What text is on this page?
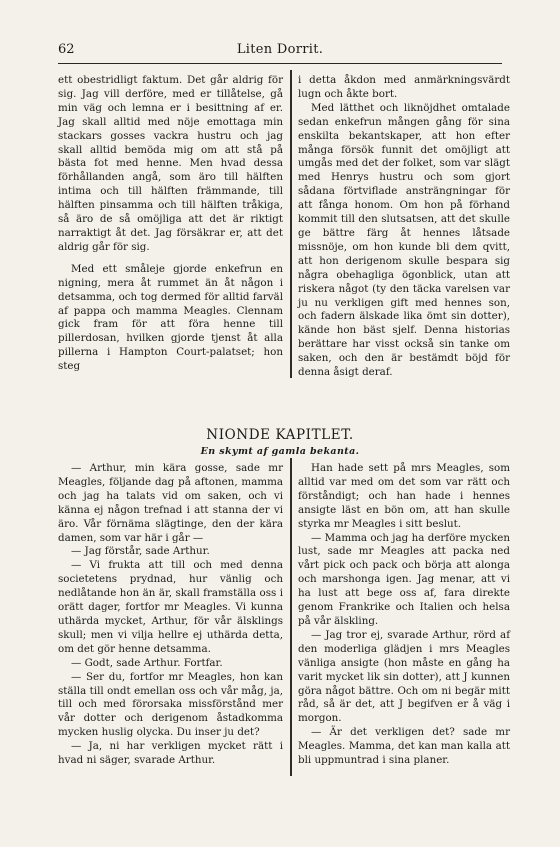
62	Liten Dorrit.

ett obestridligt faktum. Det går aldrig för sig. Jag vill derföre, med er tillåtelse, gå min väg och lemna er i besittning af er. Jag skall alltid med nöje emottaga min stackars gosses vackra hustru och jag skall alltid bemöda mig om att stå på bästa fot med henne. Men hvad dessa förhållanden angå, som äro till hälften intima och till hälften främmande, till hälften pinsamma och till hälften tråkiga, så äro de så omöjliga att det är riktigt narraktigt åt det. Jag försäkrar er, att det aldrig går för sig.

Med ett småleje gjorde enkefrun en nigning, mera åt rummet än åt någon i detsamma, och tog dermed för alltid farväl af pappa och mamma Meagles. Clennam gick fram för att föra henne till pillerdosan, hvilken gjorde tjenst åt alla pillerna i Hampton Court-palatset; hon steg

i detta åkdon med anmärkningsvärdt lugn och åkte bort.

Med lätthet och liknöjdhet omtalade sedan enkefrun mången gång för sina enskilta bekantskaper, att hon efter många försök funnit det omöjligt att umgås med det der folket, som var slägt med Henrys hustru och som gjort sådana förtviflade ansträngningar för att fånga honom. Om hon på förhand kommit till den slutsatsen, att det skulle ge bättre färg åt hennes låtsade missnöje, om hon kunde bli dem qvitt, att hon derigenom skulle bespara sig några obehagliga ögonblick, utan att riskera något (ty den täcka varelsen var ju nu verkligen gift med hennes son, och fadern älskade lika ömt sin dotter), kände hon bäst sjelf. Denna historias berättare har visst också sin tanke om saken, och den är bestämdt böjd för denna åsigt deraf.

NIONDE KAPITLET.
En skymt af gamla bekanta.

— Arthur, min kära gosse, sade mr Meagles, följande dag på aftonen, mamma och jag ha talats vid om saken, och vi känna ej någon trefnad i att stanna der vi äro. Vår förnäma slägtinge, den der kära damen, som var här i går —

— Jag förstår, sade Arthur.

— Vi frukta att till och med denna societetens prydnad, hur vänlig och nedlåtande hon än är, skall framställa oss i orätt dager, fortfor mr Meagles. Vi kunna uthärda mycket, Arthur, för vår älsklings skull; men vi vilja hellre ej uthärda detta, om det gör henne detsamma.

— Godt, sade Arthur. Fortfar.

— Ser du, fortfor mr Meagles, hon kan ställa till ondt emellan oss och vår måg, ja, till och med förorsaka missförstånd mer vår dotter och derigenom åstadkomma mycken huslig olycka. Du inser ju det?

— Ja, ni har verkligen mycket rätt i hvad ni säger, svarade Arthur.

Han hade sett på mrs Meagles, som alltid var med om det som var rätt och förståndigt; och han hade i hennes ansigte läst en bön om, att han skulle styrka mr Meagles i sitt beslut.

— Mamma och jag ha derföre mycken lust, sade mr Meagles att packa ned vårt pick och pack och börja att alonga och marshonga igen. Jag menar, att vi ha lust att bege oss af, fara direkte genom Frankrike och Italien och helsa på vår älskling.

— Jag tror ej, svarade Arthur, rörd af den moderliga glädjen i mrs Meagles vänliga ansigte (hon måste en gång ha varit mycket lik sin dotter), att J kunnen göra något bättre. Och om ni begär mitt råd, så är det, att J begifven er å väg i morgon.

— Är det verkligen det? sade mr Meagles. Mamma, det kan man kalla att bli uppmuntrad i sina planer.
